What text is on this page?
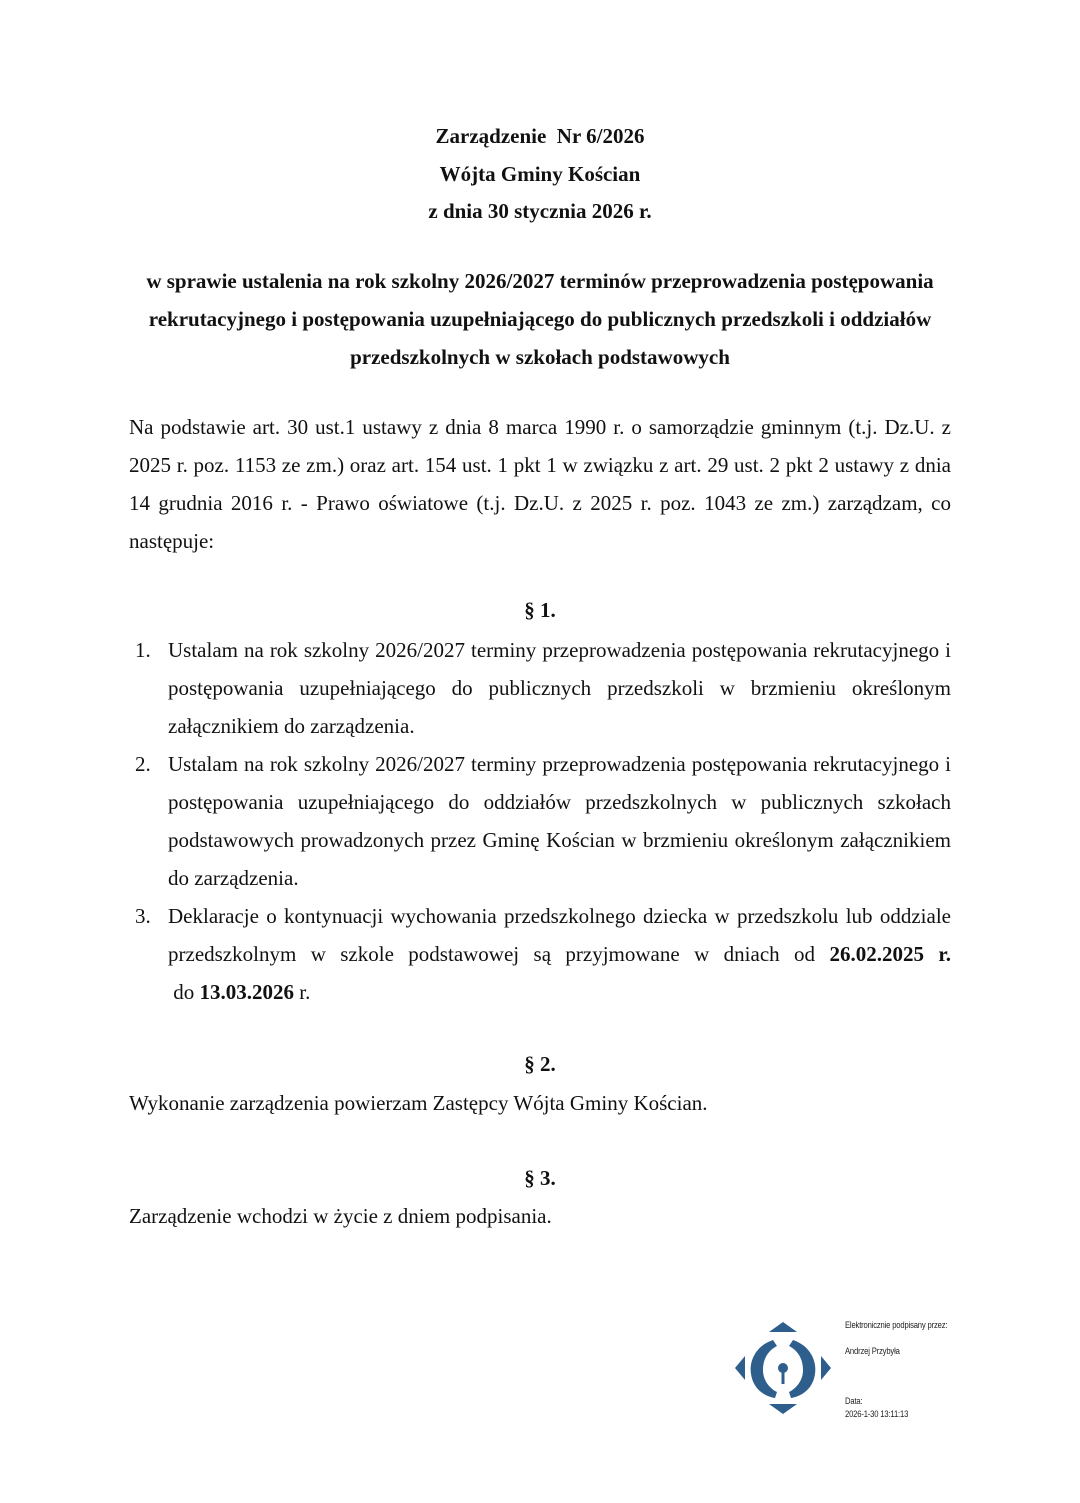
Zarządzenie  Nr 6/2026
Wójta Gminy Kościan
z dnia 30 stycznia 2026 r.
w sprawie ustalenia na rok szkolny 2026/2027 terminów przeprowadzenia postępowania rekrutacyjnego i postępowania uzupełniającego do publicznych przedszkoli i oddziałów przedszkolnych w szkołach podstawowych
Na podstawie art. 30 ust.1 ustawy z dnia 8 marca 1990 r. o samorządzie gminnym (t.j. Dz.U. z 2025 r. poz. 1153 ze zm.) oraz art. 154 ust. 1 pkt 1 w związku z art. 29 ust. 2 pkt 2 ustawy z dnia 14 grudnia 2016 r. - Prawo oświatowe (t.j. Dz.U. z 2025 r. poz. 1043 ze zm.) zarządzam, co następuje:
§ 1.
1. Ustalam na rok szkolny 2026/2027 terminy przeprowadzenia postępowania rekrutacyjnego i postępowania uzupełniającego do publicznych przedszkoli w brzmieniu określonym załącznikiem do zarządzenia.
2. Ustalam na rok szkolny 2026/2027 terminy przeprowadzenia postępowania rekrutacyjnego i postępowania uzupełniającego do oddziałów przedszkolnych w publicznych szkołach podstawowych prowadzonych przez Gminę Kościan w brzmieniu określonym załącznikiem do zarządzenia.
3. Deklaracje o kontynuacji wychowania przedszkolnego dziecka w przedszkolu lub oddziale przedszkolnym w szkole podstawowej są przyjmowane w dniach od 26.02.2025 r. do 13.03.2026 r.
§ 2.
Wykonanie zarządzenia powierzam Zastępcy Wójta Gminy Kościan.
§ 3.
Zarządzenie wchodzi w życie z dniem podpisania.
Elektronicznie podpisany przez:
Andrzej Przybyła
Data:
2026-1-30 13:11:13
